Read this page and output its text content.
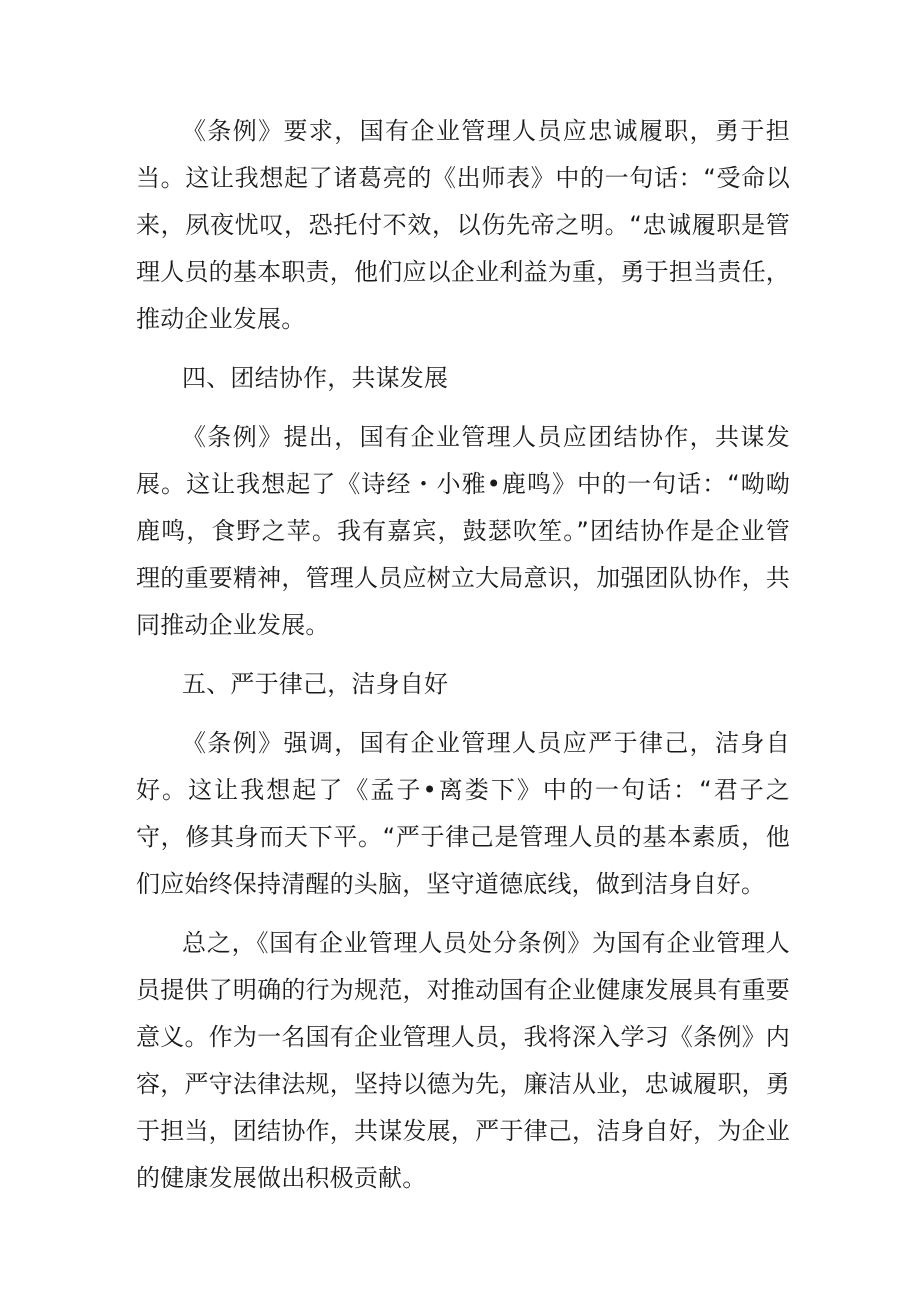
《条例》要求，国有企业管理人员应忠诚履职，勇于担当。这让我想起了诸葛亮的《出师表》中的一句话：“受命以来，夙夜忧叹，恐托付不效，以伤先帝之明。“忠诚履职是管理人员的基本职责，他们应以企业利益为重，勇于担当责任，推动企业发展。

四、团结协作，共谋发展

《条例》提出，国有企业管理人员应团结协作，共谋发展。这让我想起了《诗经・小雅•鹿鸣》中的一句话：“呦呦鹿鸣，食野之苹。我有嘉宾，鼓瑟吹笙。”团结协作是企业管理的重要精神，管理人员应树立大局意识，加强团队协作，共同推动企业发展。

五、严于律己，洁身自好

《条例》强调，国有企业管理人员应严于律己，洁身自好。这让我想起了《孟子•离娄下》中的一句话：“君子之守，修其身而天下平。“严于律己是管理人员的基本素质，他们应始终保持清醒的头脑，坚守道德底线，做到洁身自好。

总之，《国有企业管理人员处分条例》为国有企业管理人员提供了明确的行为规范，对推动国有企业健康发展具有重要意义。作为一名国有企业管理人员，我将深入学习《条例》内容，严守法律法规，坚持以德为先，廉洁从业，忠诚履职，勇于担当，团结协作，共谋发展，严于律己，洁身自好，为企业的健康发展做出积极贡献。
